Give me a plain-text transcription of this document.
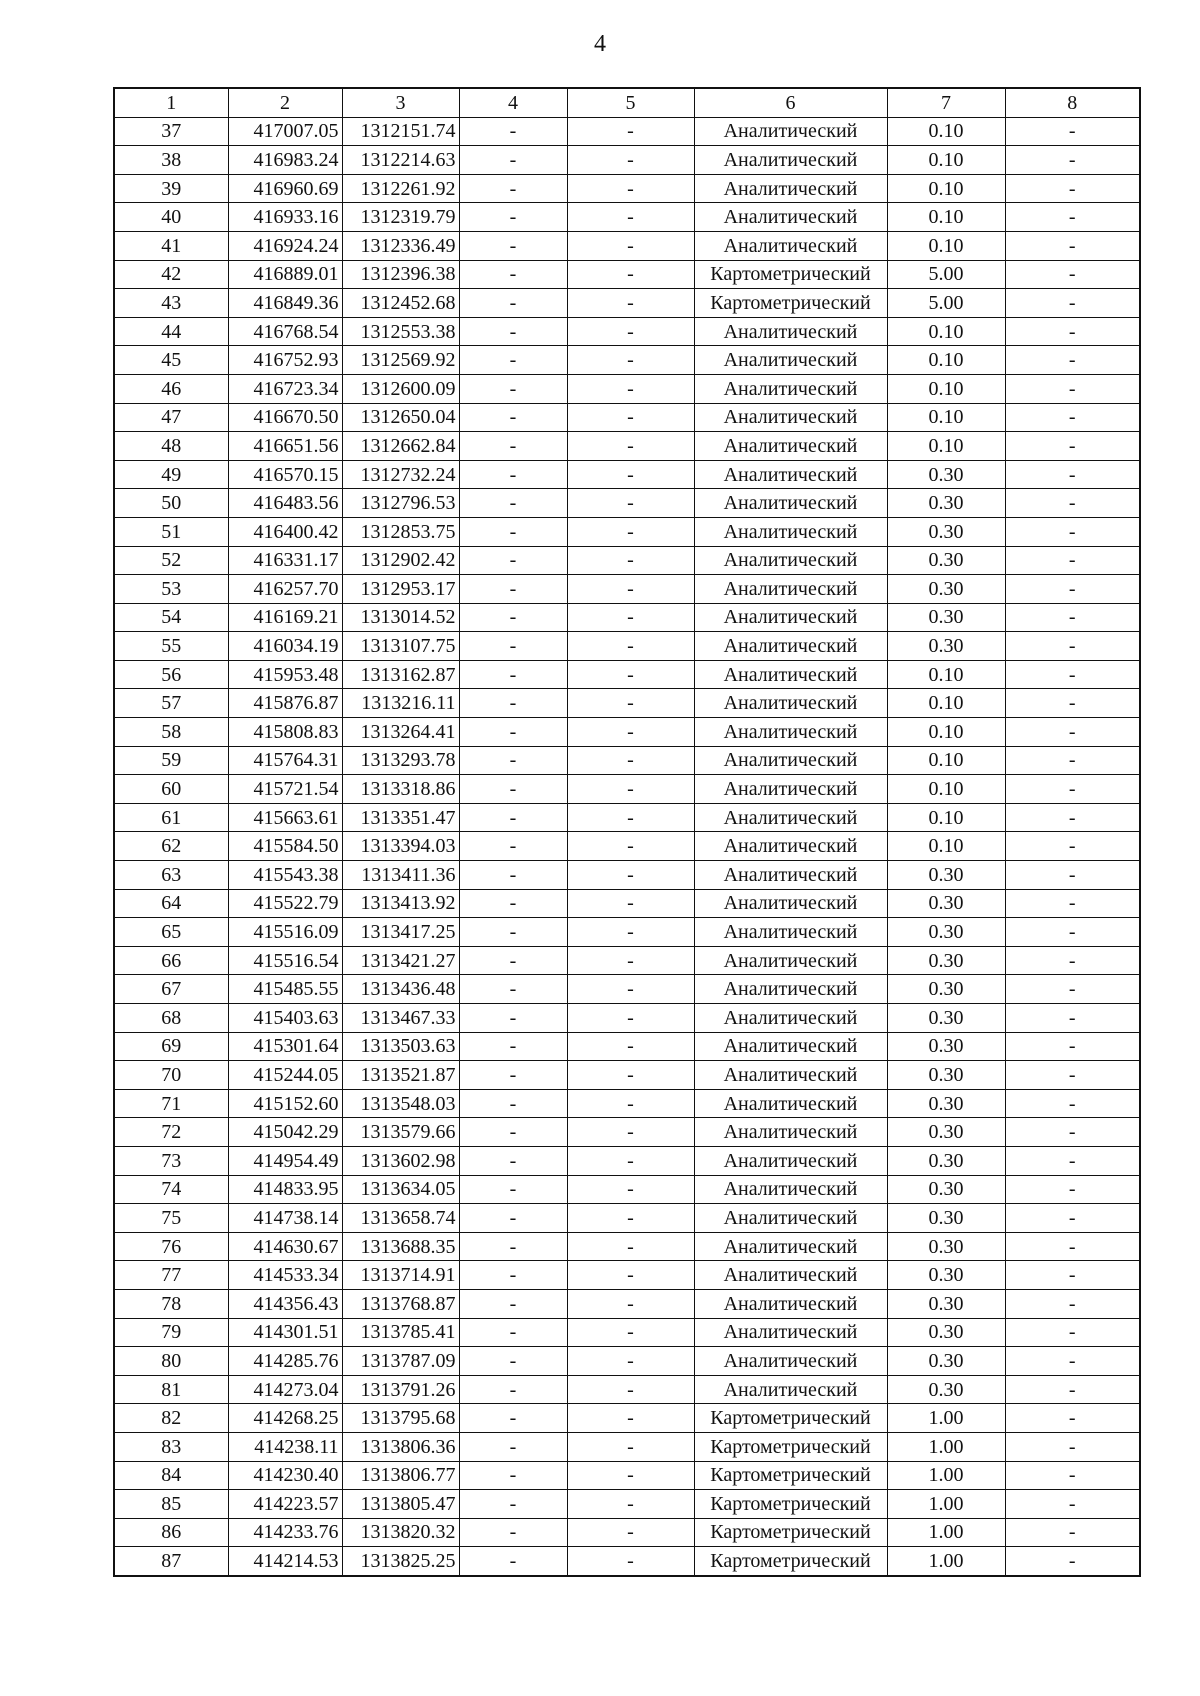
4
1	2	3	4	5	6	7	8
37	417007.05	1312151.74	-	-	Аналитический	0.10	-
38	416983.24	1312214.63	-	-	Аналитический	0.10	-
39	416960.69	1312261.92	-	-	Аналитический	0.10	-
40	416933.16	1312319.79	-	-	Аналитический	0.10	-
41	416924.24	1312336.49	-	-	Аналитический	0.10	-
42	416889.01	1312396.38	-	-	Картометрический	5.00	-
43	416849.36	1312452.68	-	-	Картометрический	5.00	-
44	416768.54	1312553.38	-	-	Аналитический	0.10	-
45	416752.93	1312569.92	-	-	Аналитический	0.10	-
46	416723.34	1312600.09	-	-	Аналитический	0.10	-
47	416670.50	1312650.04	-	-	Аналитический	0.10	-
48	416651.56	1312662.84	-	-	Аналитический	0.10	-
49	416570.15	1312732.24	-	-	Аналитический	0.30	-
50	416483.56	1312796.53	-	-	Аналитический	0.30	-
51	416400.42	1312853.75	-	-	Аналитический	0.30	-
52	416331.17	1312902.42	-	-	Аналитический	0.30	-
53	416257.70	1312953.17	-	-	Аналитический	0.30	-
54	416169.21	1313014.52	-	-	Аналитический	0.30	-
55	416034.19	1313107.75	-	-	Аналитический	0.30	-
56	415953.48	1313162.87	-	-	Аналитический	0.10	-
57	415876.87	1313216.11	-	-	Аналитический	0.10	-
58	415808.83	1313264.41	-	-	Аналитический	0.10	-
59	415764.31	1313293.78	-	-	Аналитический	0.10	-
60	415721.54	1313318.86	-	-	Аналитический	0.10	-
61	415663.61	1313351.47	-	-	Аналитический	0.10	-
62	415584.50	1313394.03	-	-	Аналитический	0.10	-
63	415543.38	1313411.36	-	-	Аналитический	0.30	-
64	415522.79	1313413.92	-	-	Аналитический	0.30	-
65	415516.09	1313417.25	-	-	Аналитический	0.30	-
66	415516.54	1313421.27	-	-	Аналитический	0.30	-
67	415485.55	1313436.48	-	-	Аналитический	0.30	-
68	415403.63	1313467.33	-	-	Аналитический	0.30	-
69	415301.64	1313503.63	-	-	Аналитический	0.30	-
70	415244.05	1313521.87	-	-	Аналитический	0.30	-
71	415152.60	1313548.03	-	-	Аналитический	0.30	-
72	415042.29	1313579.66	-	-	Аналитический	0.30	-
73	414954.49	1313602.98	-	-	Аналитический	0.30	-
74	414833.95	1313634.05	-	-	Аналитический	0.30	-
75	414738.14	1313658.74	-	-	Аналитический	0.30	-
76	414630.67	1313688.35	-	-	Аналитический	0.30	-
77	414533.34	1313714.91	-	-	Аналитический	0.30	-
78	414356.43	1313768.87	-	-	Аналитический	0.30	-
79	414301.51	1313785.41	-	-	Аналитический	0.30	-
80	414285.76	1313787.09	-	-	Аналитический	0.30	-
81	414273.04	1313791.26	-	-	Аналитический	0.30	-
82	414268.25	1313795.68	-	-	Картометрический	1.00	-
83	414238.11	1313806.36	-	-	Картометрический	1.00	-
84	414230.40	1313806.77	-	-	Картометрический	1.00	-
85	414223.57	1313805.47	-	-	Картометрический	1.00	-
86	414233.76	1313820.32	-	-	Картометрический	1.00	-
87	414214.53	1313825.25	-	-	Картометрический	1.00	-
